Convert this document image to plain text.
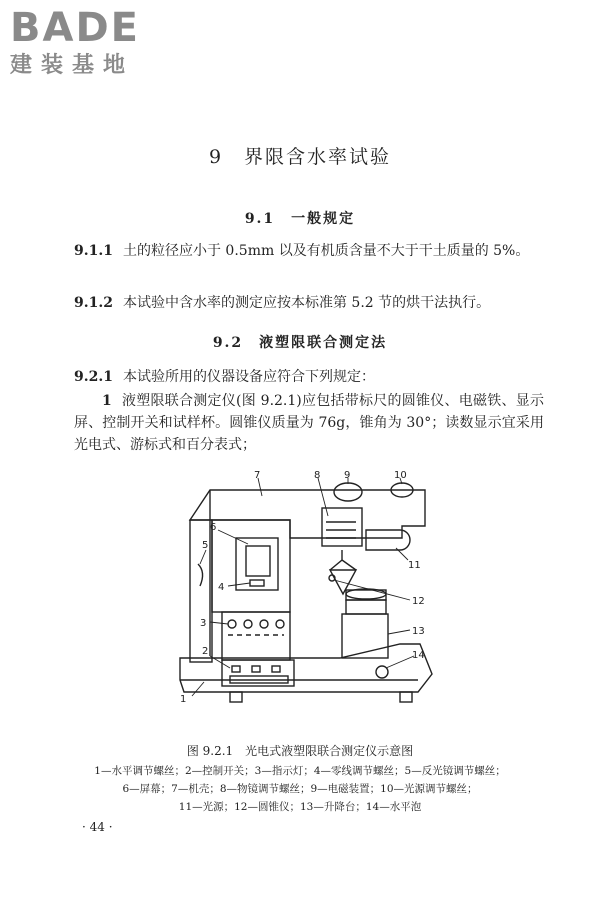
BADE
建装基地
9　界限含水率试验
9.1　一般规定
9.1.1 土的粒径应小于 0.5mm 以及有机质含量不大于干土质量的 5%。
9.1.2 本试验中含水率的测定应按本标准第 5.2 节的烘干法执行。
9.2　液塑限联合测定法
9.2.1 本试验所用的仪器设备应符合下列规定：
1 液塑限联合测定仪(图 9.2.1)应包括带标尺的圆锥仪、电磁铁、显示屏、控制开关和试样杯。圆锥仪质量为 76g，锥角为 30°；读数显示宜采用光电式、游标式和百分表式；
1
2
3
4
5
6
7	8 9	10
11
12
13
14
图 9.2.1　光电式液塑限联合测定仪示意图
1—水平调节螺丝；2—控制开关；3—指示灯；4—零线调节螺丝；5—反光镜调节螺丝；
6—屏幕；7—机壳；8—物镜调节螺丝；9—电磁装置；10—光源调节螺丝；
11—光源；12—圆锥仪；13—升降台；14—水平泡
· 44 ·
